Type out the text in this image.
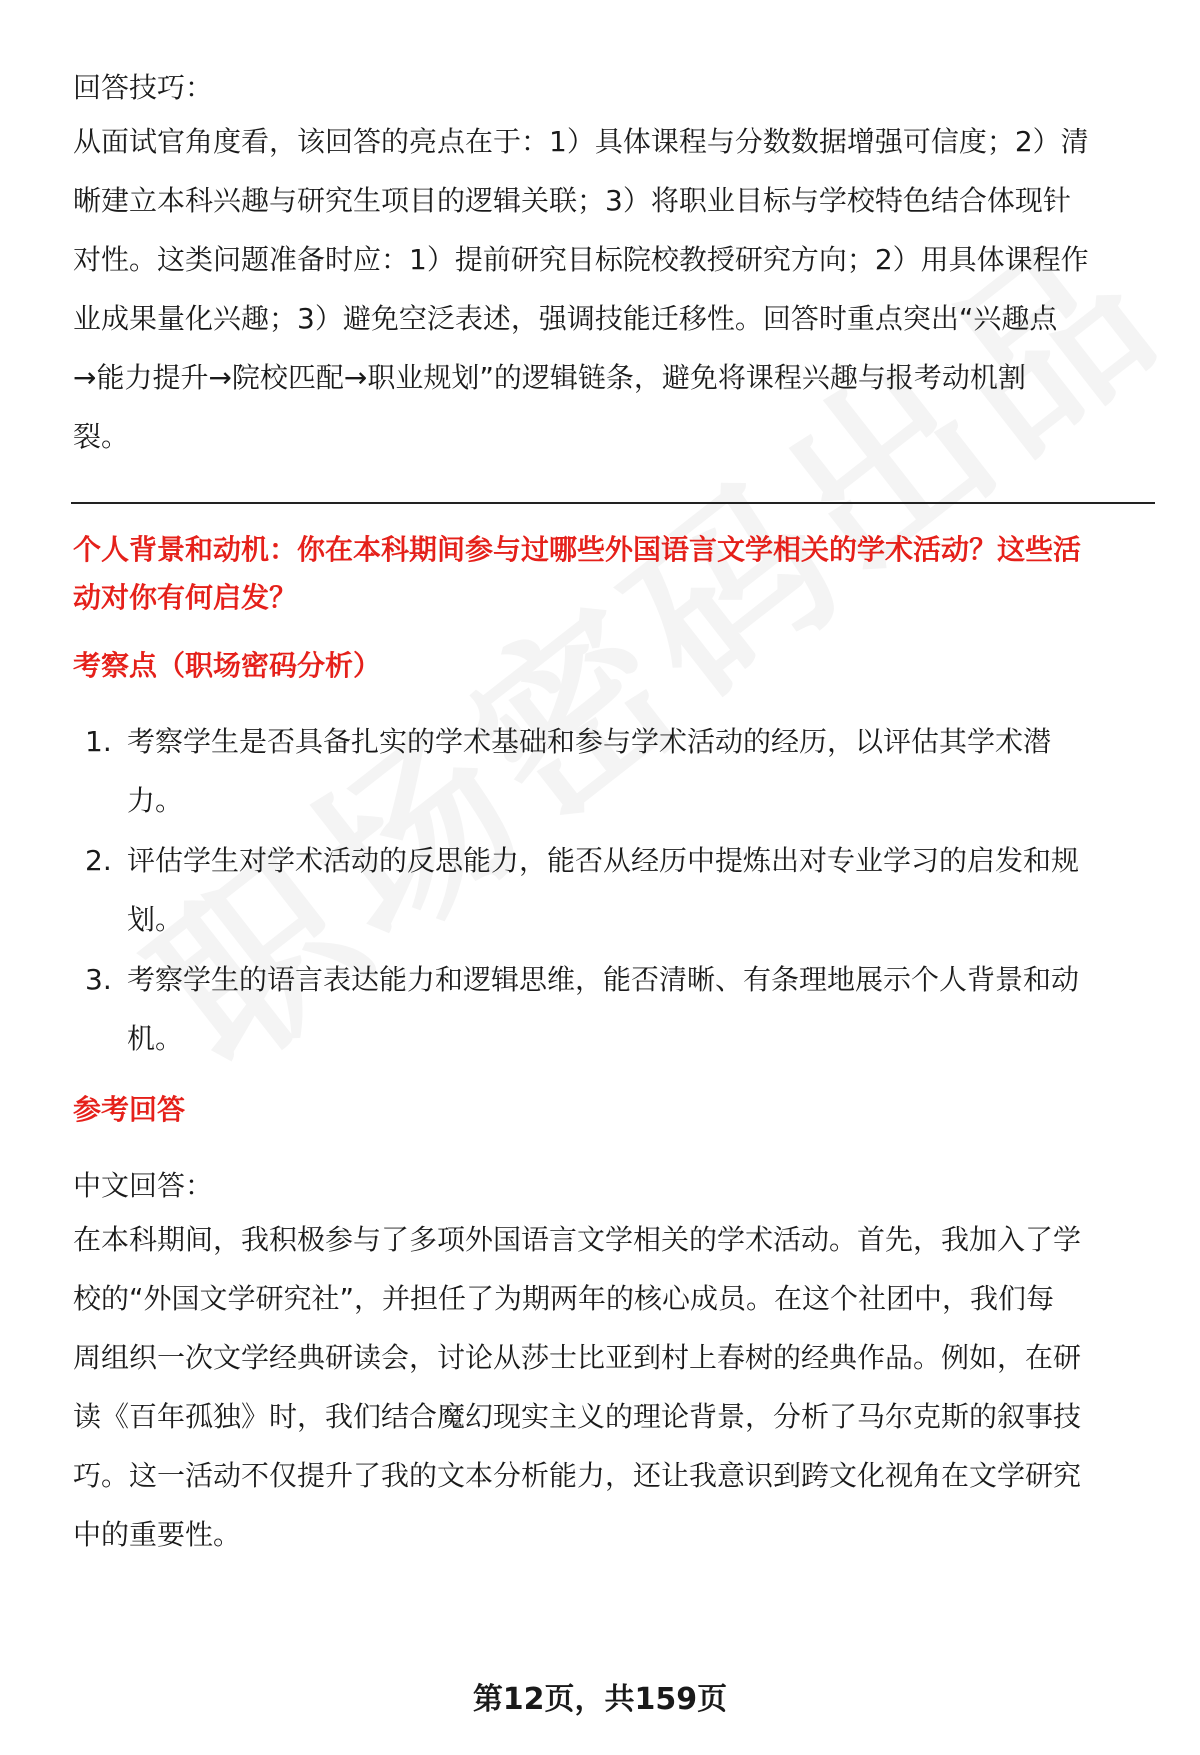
回答技巧：

从面试官角度看，该回答的亮点在于：1）具体课程与分数数据增强可信度；2）清

晰建立本科兴趣与研究生项目的逻辑关联；3）将职业目标与学校特色结合体现针

对性。这类问题准备时应：1）提前研究目标院校教授研究方向；2）用具体课程作

业成果量化兴趣；3）避免空泛表述，强调技能迁移性。回答时重点突出“兴趣点

→能力提升→院校匹配→职业规划”的逻辑链条，避免将课程兴趣与报考动机割

裂。

个人背景和动机：你在本科期间参与过哪些外国语言文学相关的学术活动？这些活

动对你有何启发？

考察点（职场密码分析）

1. 考察学生是否具备扎实的学术基础和参与学术活动的经历，以评估其学术潜
力。
2. 评估学生对学术活动的反思能力，能否从经历中提炼出对专业学习的启发和规
划。
3. 考察学生的语言表达能力和逻辑思维，能否清晰、有条理地展示个人背景和动
机。

参考回答

中文回答：

在本科期间，我积极参与了多项外国语言文学相关的学术活动。首先，我加入了学

校的“外国文学研究社”，并担任了为期两年的核心成员。在这个社团中，我们每

周组织一次文学经典研读会，讨论从莎士比亚到村上春树的经典作品。例如，在研

读《百年孤独》时，我们结合魔幻现实主义的理论背景，分析了马尔克斯的叙事技

巧。这一活动不仅提升了我的文本分析能力，还让我意识到跨文化视角在文学研究

中的重要性。

第12页，共159页
